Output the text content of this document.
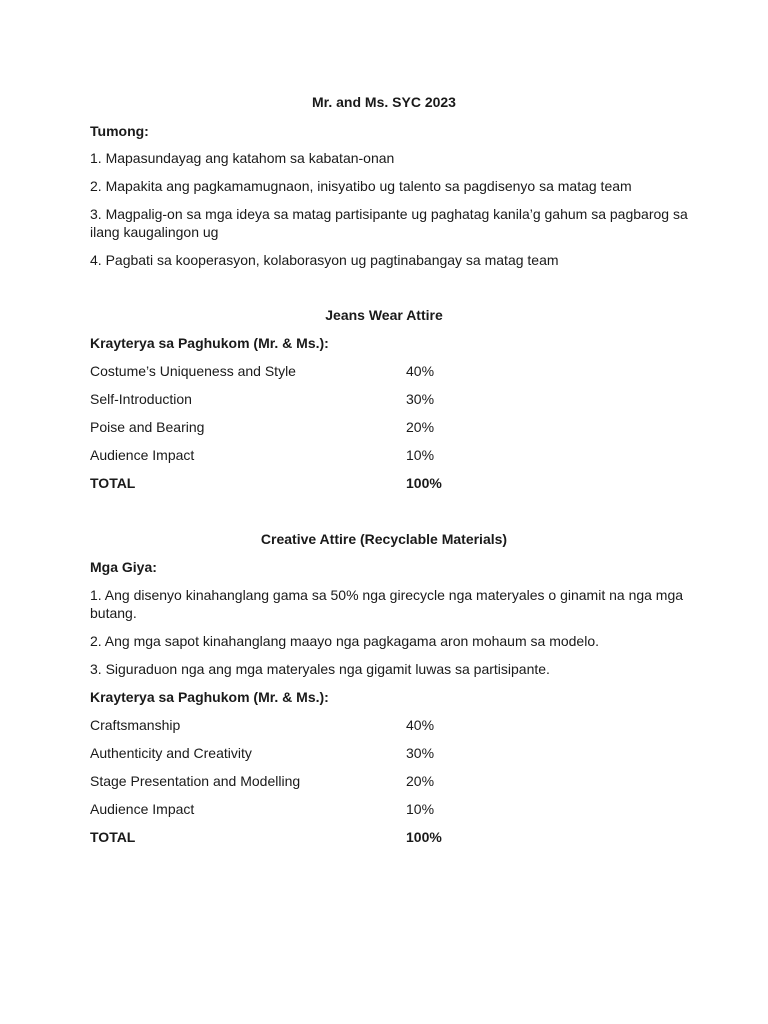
Mr. and Ms. SYC 2023
Tumong:
1. Mapasundayag ang katahom sa kabatan-onan
2. Mapakita ang pagkamamugnaon, inisyatibo ug talento sa pagdisenyo sa matag team
3. Magpalig-on sa mga ideya sa matag partisipante ug paghatag kanila’g gahum sa pagbarog sa ilang kaugalingon ug
4. Pagbati sa kooperasyon, kolaborasyon ug pagtinabangay sa matag team
Jeans Wear Attire
Krayterya sa Paghukom (Mr. & Ms.):
Costume’s Uniqueness and Style	40%
Self-Introduction	30%
Poise and Bearing	20%
Audience Impact	10%
TOTAL	100%
Creative Attire (Recyclable Materials)
Mga Giya:
1. Ang disenyo kinahanglang gama sa 50% nga girecycle nga materyales o ginamit na nga mga butang.
2. Ang mga sapot kinahanglang maayo nga pagkagama aron mohaum sa modelo.
3. Siguraduon nga ang mga materyales nga gigamit luwas sa partisipante.
Krayterya sa Paghukom (Mr. & Ms.):
Craftsmanship	40%
Authenticity and Creativity	30%
Stage Presentation and Modelling	20%
Audience Impact	10%
TOTAL	100%
